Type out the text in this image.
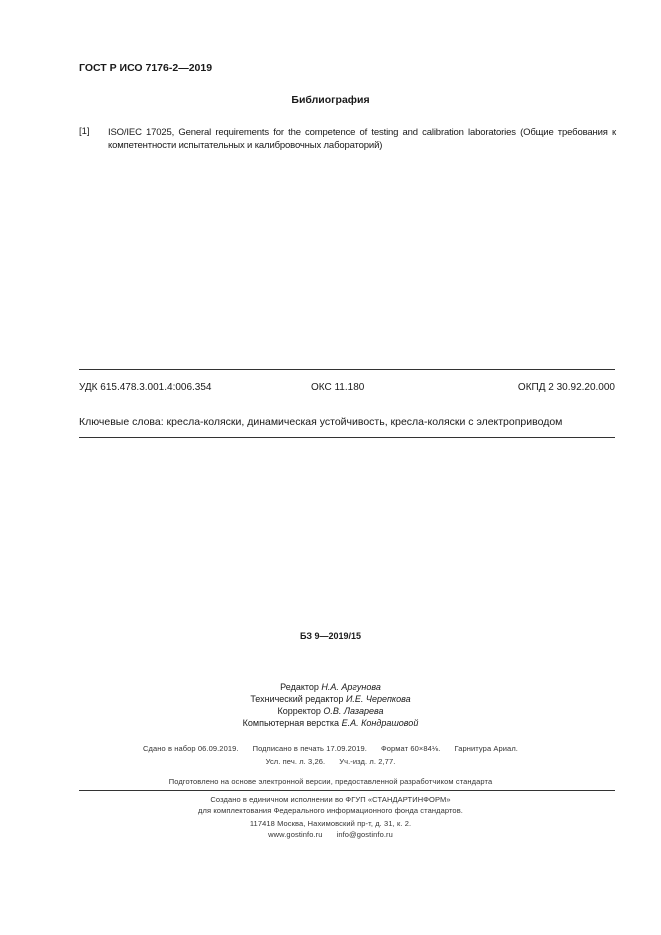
ГОСТ Р ИСО 7176-2—2019
Библиография
[1] ISO/IEC 17025, General requirements for the competence of testing and calibration laboratories (Общие требования к компетентности испытательных и калибровочных лабораторий)
УДК 615.478.3.001.4:006.354	ОКС 11.180	ОКПД 2 30.92.20.000
Ключевые слова: кресла-коляски, динамическая устойчивость, кресла-коляски с электроприводом
БЗ 9—2019/15
Редактор Н.А. Аргунова
Технический редактор И.Е. Черепкова
Корректор О.В. Лазарева
Компьютерная верстка Е.А. Кондрашовой
Сдано в набор 06.09.2019. Подписано в печать 17.09.2019. Формат 60×84⅛. Гарнитура Ариал.
Усл. печ. л. 3,26. Уч.-изд. л. 2,77.
Подготовлено на основе электронной версии, предоставленной разработчиком стандарта
Создано в единичном исполнении во ФГУП «СТАНДАРТИНФОРМ»
для комплектования Федерального информационного фонда стандартов.
117418 Москва, Нахимовский пр-т, д. 31, к. 2.
www.gostinfo.ru info@gostinfo.ru
